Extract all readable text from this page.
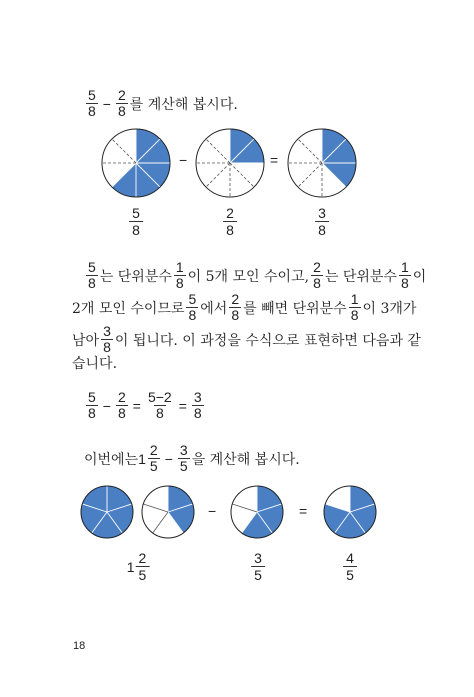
$\frac{5}{8} - \frac{2}{8}$ 를 계산해 봅시다.
−	=
5
8
2
8
3
8
$\frac{5}{8}$ 는 단위분수 $\frac{1}{8}$ 이 5개 모인 수이고, $\frac{2}{8}$ 는 단위분수 $\frac{1}{8}$ 이
2개 모인 수이므로 $\frac{5}{8}$ 에서 $\frac{2}{8}$ 를 빼면 단위분수 $\frac{1}{8}$ 이 3개가
남아 $\frac{3}{8}$ 이 됩니다. 이 과정을 수식으로 표현하면 다음과 같
습니다.
$\frac{5}{8} - \frac{2}{8} = \frac{5-2}{8} = \frac{3}{8}$
이번에는 $1 \frac{2}{5} - \frac{3}{5}$ 을 계산해 봅시다.
−	=
1
2
5
3
5
4
5
18
